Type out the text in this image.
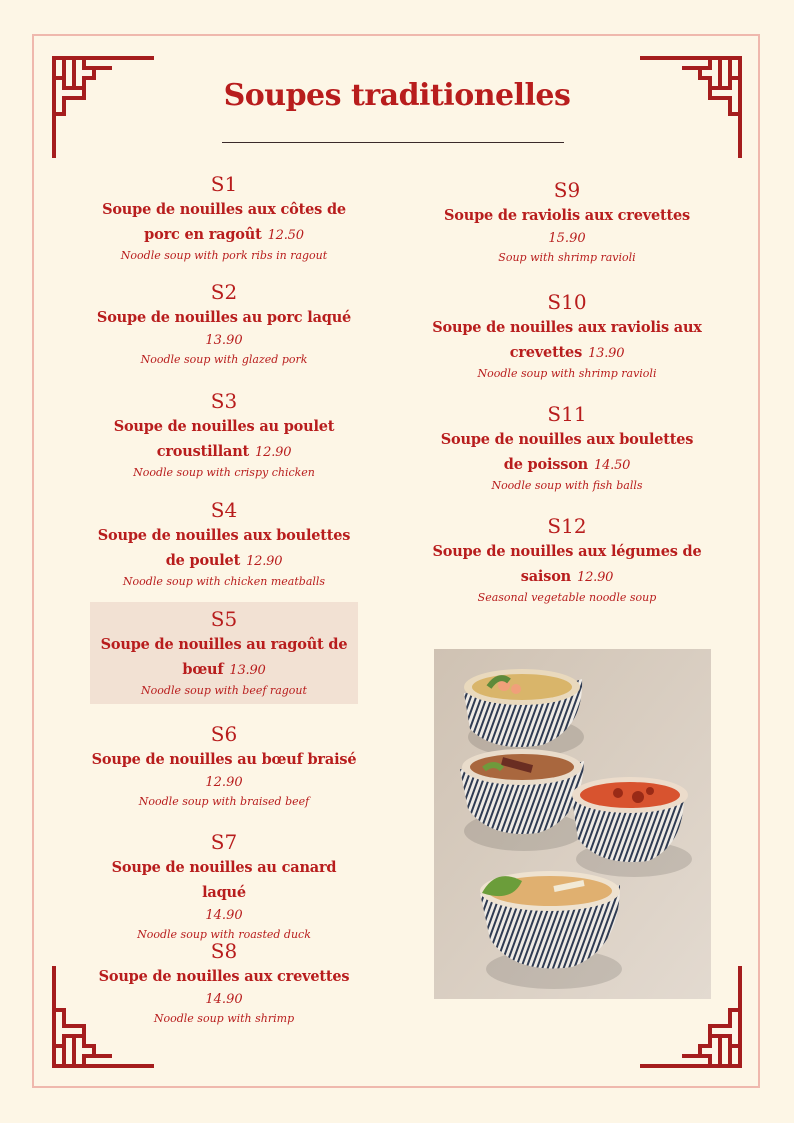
Soupes traditionelles
S1
Soupe de nouilles aux côtes de
porc en ragoût 12.50
Noodle soup with pork ribs in ragout
S2
Soupe de nouilles au porc laqué
13.90
Noodle soup with glazed pork
S3
Soupe de nouilles au poulet
croustillant 12.90
Noodle soup with crispy chicken
S4
Soupe de nouilles aux boulettes
de poulet 12.90
Noodle soup with chicken meatballs
S5
Soupe de nouilles au ragoût de
bœuf 13.90
Noodle soup with beef ragout
S6
Soupe de nouilles au bœuf braisé
12.90
Noodle soup with braised beef
S7
Soupe de nouilles au canard laqué
14.90
Noodle soup with roasted duck
S8
Soupe de nouilles aux crevettes
14.90
Noodle soup with shrimp
S9
Soupe de raviolis aux crevettes
15.90
Soup with shrimp ravioli
S10
Soupe de nouilles aux raviolis aux
crevettes 13.90
Noodle soup with shrimp ravioli
S11
Soupe de nouilles aux boulettes
de poisson 14.50
Noodle soup with fish balls
S12
Soupe de nouilles aux légumes de
saison 12.90
Seasonal vegetable noodle soup
